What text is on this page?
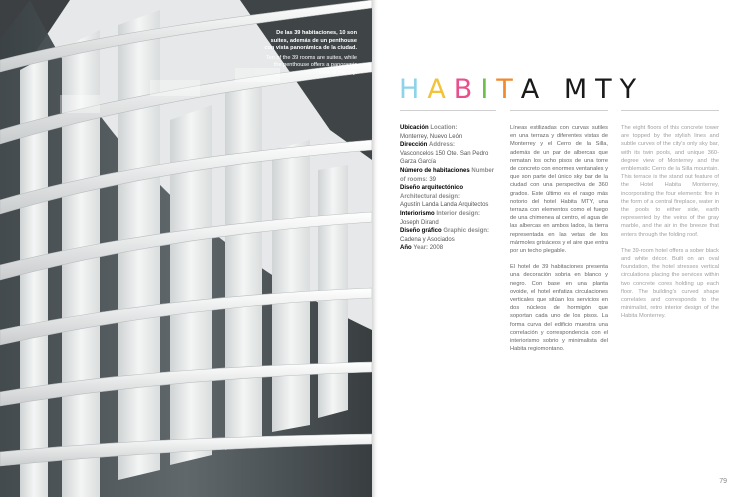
De las 39 habitaciones, 10 son suites, además de un penthouse con vista panorámica de la ciudad.
Ten of the 39 rooms are suites, while the penthouse offers a panoramic view of the city.
HABITA MTY
Ubicación Location:
Monterrey, Nuevo León
Dirección Address:
Vasconcelos 150 Ote. San Pedro Garza García
Número de habitaciones Number of rooms: 39
Diseño arquitectónico Architectural design:
Agustín Landa Landa Arquitectos
Interiorismo Interior design:
Joseph Dirand
Diseño gráfico Graphic design:
Cadena y Asociados
Año Year: 2008

Líneas estilizadas con curvas sutiles en una terraza y diferentes vistas de Monterrey y el Cerro de la Silla, además de un par de albercas que rematan los ocho pisos de una torre de concreto con enormes ventanales y que son parte del único sky bar de la ciudad con una perspectiva de 360 grados. Este último es el rasgo más notorio del hotel Habita MTY, una terraza con elementos como el fuego de una chimenea al centro, el agua de las albercas en ambos lados, la tierra representada en las vetas de los mármoles grisáceos y el aire que entra por un techo plegable.

El hotel de 39 habitaciones presenta una decoración sobria en blanco y negro. Con base en una planta ovoide, el hotel enfatiza circulaciones verticales que sitúan los servicios en dos núcleos de hormigón que soportan cada uno de los pisos. La forma curva del edificio muestra una correlación y correspondencia con el interiorismo sobrio y minimalista del Habita regiomontano.

The eight floors of this concrete tower are topped by the stylish lines and subtle curves of the city's only sky bar, with its twin pools, and unique 360-degree view of Monterrey and the emblematic Cerro de la Silla mountain. This terrace is the stand out feature of the Hotel Habita Monterrey, incorporating the four elements: fire in the form of a central fireplace, water in the pools to either side, earth represented by the veins of the gray marble, and the air in the breeze that enters through the folding roof.

The 39-room hotel offers a sober black and white décor. Built on an oval foundation, the hotel stresses vertical circulations placing the services within two concrete cores holding up each floor. The building's curved shape correlates and corresponds to the minimalist, retro interior design of the Habita Monterrey.

79
